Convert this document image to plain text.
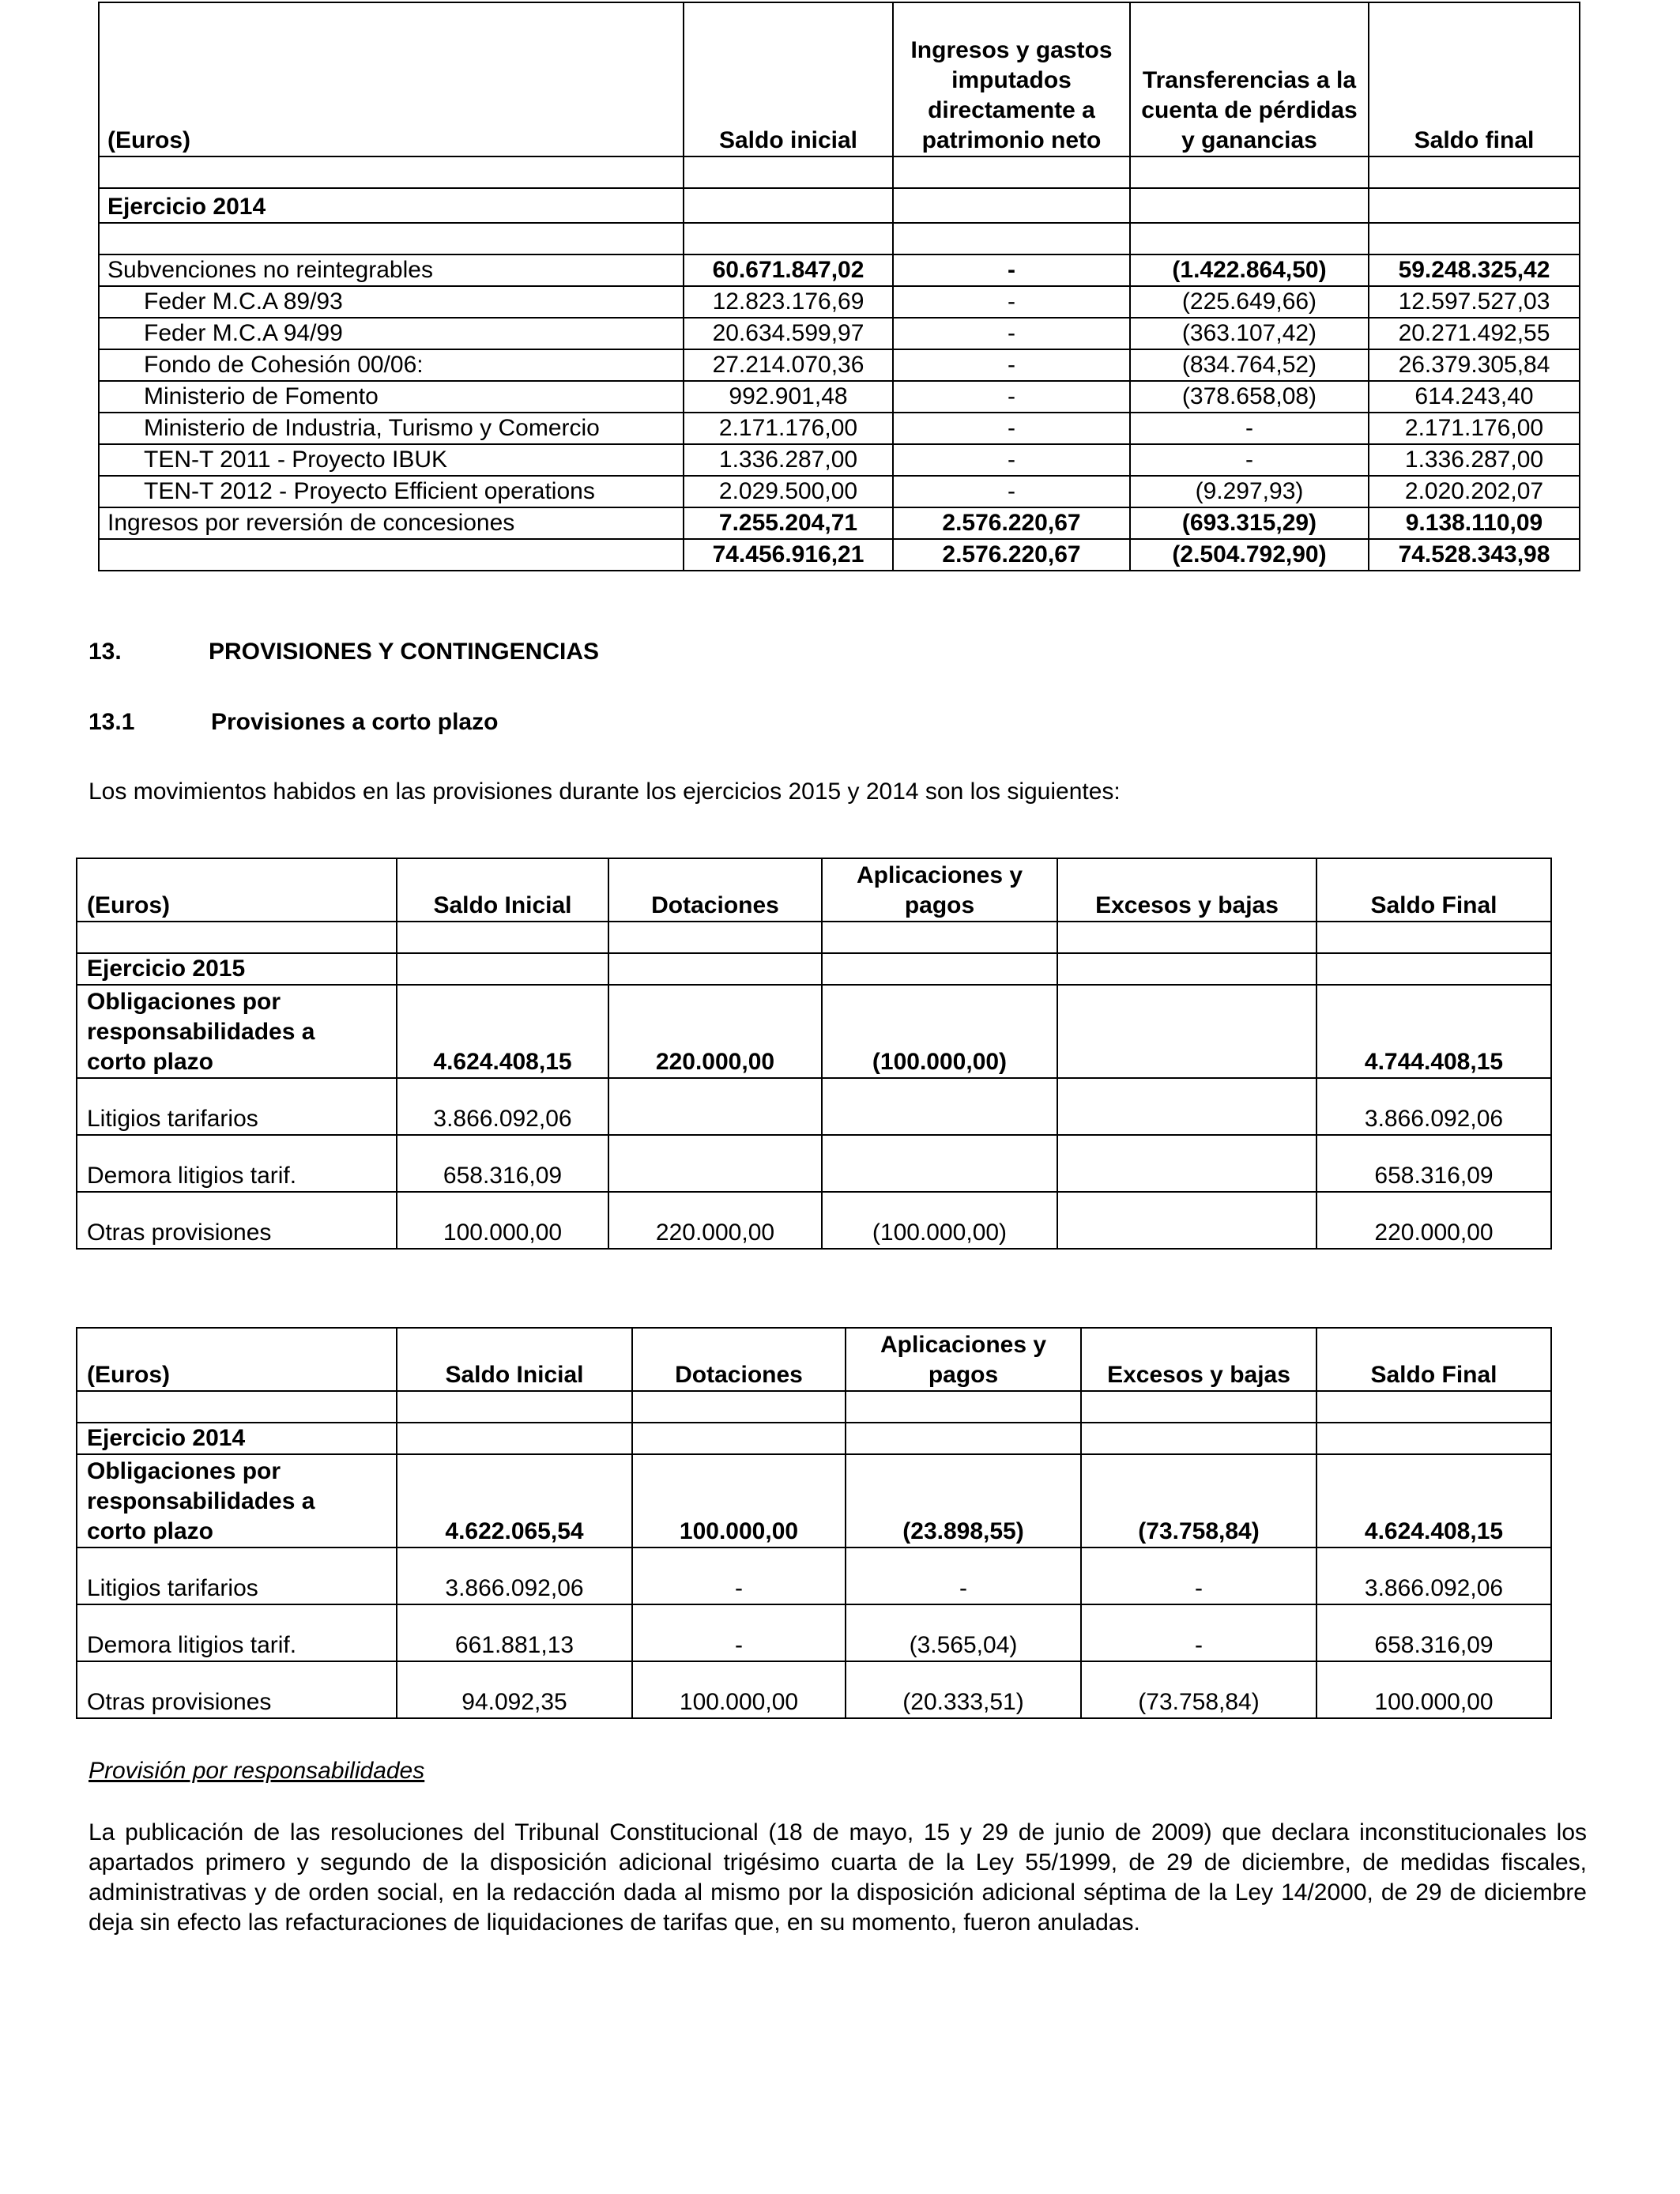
(Euros)	Saldo inicial	Ingresos y gastos imputados directamente a patrimonio neto	Transferencias a la cuenta de pérdidas y ganancias	Saldo final

Ejercicio 2014				

Subvenciones no reintegrables	60.671.847,02	-	(1.422.864,50)	59.248.325,42
Feder M.C.A 89/93	12.823.176,69	-	(225.649,66)	12.597.527,03
Feder M.C.A 94/99	20.634.599,97	-	(363.107,42)	20.271.492,55
Fondo de Cohesión 00/06:	27.214.070,36	-	(834.764,52)	26.379.305,84
Ministerio de Fomento	992.901,48	-	(378.658,08)	614.243,40
Ministerio de Industria, Turismo y Comercio	2.171.176,00	-	-	2.171.176,00
TEN-T 2011 - Proyecto IBUK	1.336.287,00	-	-	1.336.287,00
TEN-T 2012 - Proyecto Efficient operations	2.029.500,00	-	(9.297,93)	2.020.202,07
Ingresos por reversión de concesiones	7.255.204,71	2.576.220,67	(693.315,29)	9.138.110,09
	74.456.916,21	2.576.220,67	(2.504.792,90)	74.528.343,98
13.	PROVISIONES Y CONTINGENCIAS
13.1	Provisiones a corto plazo
Los movimientos habidos en las provisiones durante los ejercicios 2015 y 2014 son los siguientes:
(Euros)	Saldo Inicial	Dotaciones	Aplicaciones y pagos	Excesos y bajas	Saldo Final

Ejercicio 2015					
Obligaciones por responsabilidades a corto plazo	4.624.408,15	220.000,00	(100.000,00)		4.744.408,15
Litigios tarifarios	3.866.092,06				3.866.092,06
Demora litigios tarif.	658.316,09				658.316,09
Otras provisiones	100.000,00	220.000,00	(100.000,00)		220.000,00
(Euros)	Saldo Inicial	Dotaciones	Aplicaciones y pagos	Excesos y bajas	Saldo Final

Ejercicio 2014					
Obligaciones por responsabilidades a corto plazo	4.622.065,54	100.000,00	(23.898,55)	(73.758,84)	4.624.408,15
Litigios tarifarios	3.866.092,06	-	-	-	3.866.092,06
Demora litigios tarif.	661.881,13	-	(3.565,04)	-	658.316,09
Otras provisiones	94.092,35	100.000,00	(20.333,51)	(73.758,84)	100.000,00
Provisión por responsabilidades
La publicación de las resoluciones del Tribunal Constitucional (18 de mayo, 15 y 29 de junio de 2009) que declara inconstitucionales los apartados primero y segundo de la disposición adicional trigésimo cuarta de la Ley 55/1999, de 29 de diciembre, de medidas fiscales, administrativas y de orden social, en la redacción dada al mismo por la disposición adicional séptima de la Ley 14/2000, de 29 de diciembre deja sin efecto las refacturaciones de liquidaciones de tarifas que, en su momento, fueron anuladas.
